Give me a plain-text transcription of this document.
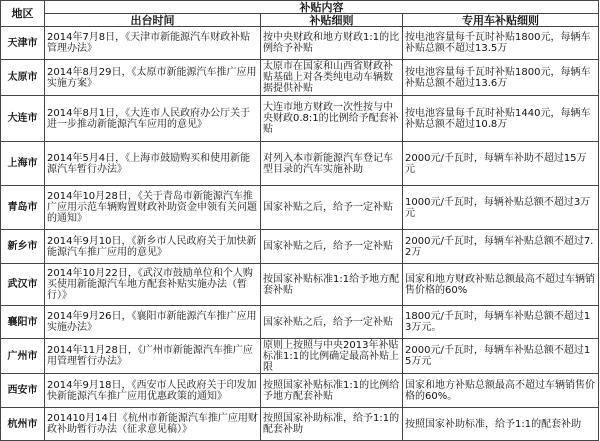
地区	补贴内容		
	出台时间	补贴细则	专用车补贴细则
天津市	2014年7月8日，《天津市新能源汽车财政补贴管理办法》	按中央财政和地方财政1:1的比例给予补贴	按电池容量每千瓦时补贴1800元，每辆车补贴总额不超过13.5万
太原市	2014年8月29日，《太原市新能源汽车推广应用实施方案》	太原市在国家和山西省财政补贴基础上对各类纯电动车辆数据提供补贴	按电池容量每千瓦时补贴1800元，每辆车补贴总额不超过13.6万
大连市	2014年8月1日，《大连市人民政府办公厅关于进一步推动新能源汽车应用的意见》	大连市地方财政一次性按与中央财政0.8:1的比例给予配套补贴	按电池容量每千瓦时补贴1440元，每辆车补贴总额不超过10.8万
上海市	2014年5月4日，《上海市鼓励购买和使用新能源汽车暂行办法》	对列入本市新能源汽车登记车型目录的汽车实施补助	2000元/千瓦时，每辆车补助不超过15万元
青岛市	2014年10月28日，《关于青岛市新能源汽车推广应用示范车辆购置财政补助资金申领有关问题的通知》	国家补贴之后，给予一定补贴	1000元/千瓦时，每辆补贴总额不超过3万元
新乡市	2014年9月10日，《新乡市人民政府关于加快新能源汽车推广应用的意见》	国家补贴之后，给予一定补贴	2000元/千瓦时，每辆车补贴总额不超过7.2万
武汉市	2014年10月22日，《武汉市鼓励单位和个人购买使用新能源汽车地方配套补贴实施办法（暂行）》	按国家补贴标准1:1给予地方配套补贴	国家和地方财政补贴总额最高不超过车辆销售价格的60%
襄阳市	2014年9月26日，《襄阳市新能源汽车推广应用实施办法》	国家补贴之后，给予一定补贴	1800元/千瓦时，每辆车补贴总额不超过13万元。
广州市	2014年11月28日，《广州市新能源汽车推广应用管理暂行办法》	原则上按照与中央2013年补贴标准1:1的比例确定最高补贴上限	2000元/千瓦时，每辆车补贴总额不超过15万元
西安市	2014年9月18日，《西安市人民政府关于印发加快新能源汽车推广应用优惠政策的通知》	按照国家补贴标准1:1的比例给予地方配套补贴	国家和地方补贴总额最高不超过车辆销售价格的60%。
杭州市	201410月14日《杭州市新能源汽车推广应用财政补助暂行办法（征求意见稿）》	按照国家补助标准，给予1:1的配套补助	按照国家补助标准，给予1:1的配套补助
